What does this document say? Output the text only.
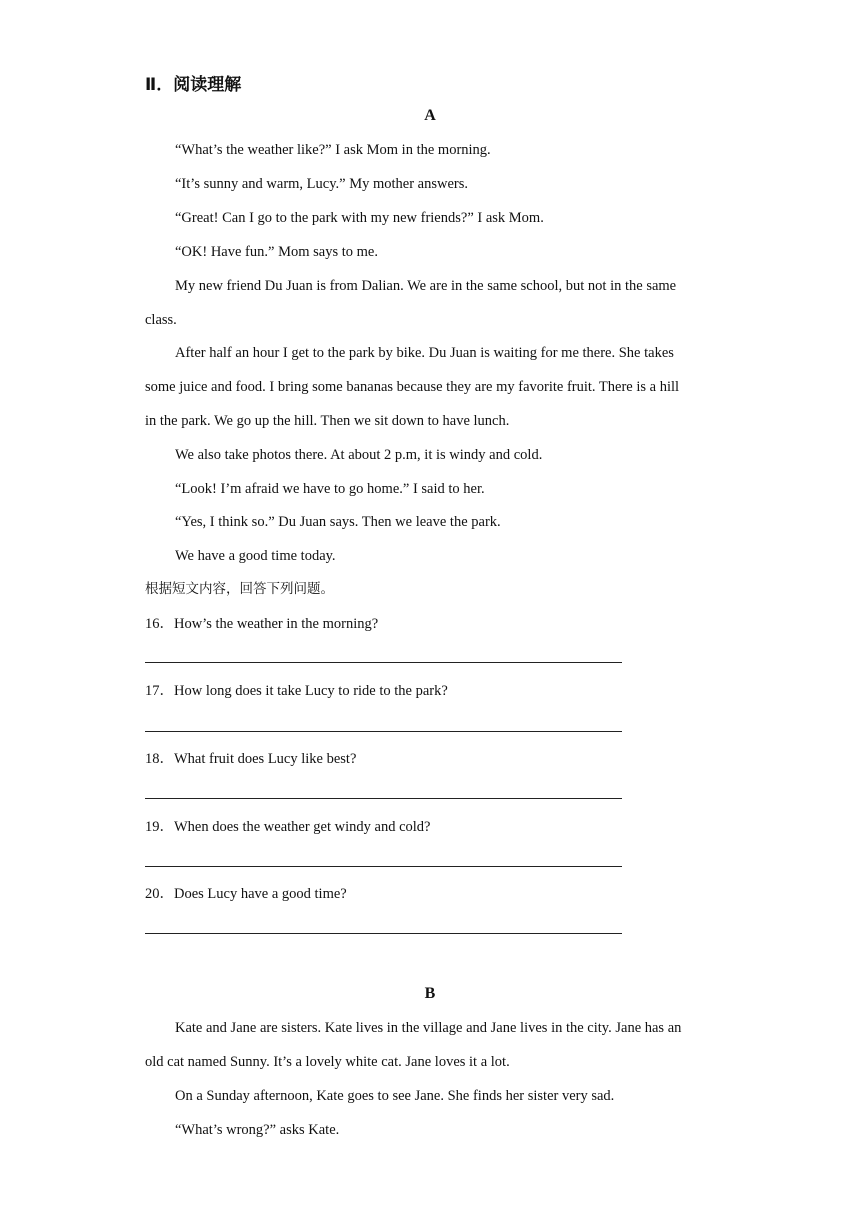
Ⅱ．阅读理解
A
“What’s the weather like?” I ask Mom in the morning.
“It’s sunny and warm, Lucy.” My mother answers.
“Great! Can I go to the park with my new friends?” I ask Mom.
“OK! Have fun.” Mom says to me.
My new friend Du Juan is from Dalian. We are in the same school, but not in the same
class.
After half an hour I get to the park by bike. Du Juan is waiting for me there. She takes
some juice and food. I bring some bananas because they are my favorite fruit. There is a hill
in the park. We go up the hill. Then we sit down to have lunch.
We also take photos there. At about 2 p.m, it is windy and cold.
“Look! I’m afraid we have to go home.” I said to her.
“Yes, I think so.” Du Juan says. Then we leave the park.
We have a good time today.
根据短文内容，回答下列问题。
16．How’s the weather in the morning?
17．How long does it take Lucy to ride to the park?
18．What fruit does Lucy like best?
19．When does the weather get windy and cold?
20．Does Lucy have a good time?
B
Kate and Jane are sisters. Kate lives in the village and Jane lives in the city. Jane has an
old cat named Sunny. It’s a lovely white cat. Jane loves it a lot.
On a Sunday afternoon, Kate goes to see Jane. She finds her sister very sad.
“What’s wrong?” asks Kate.
